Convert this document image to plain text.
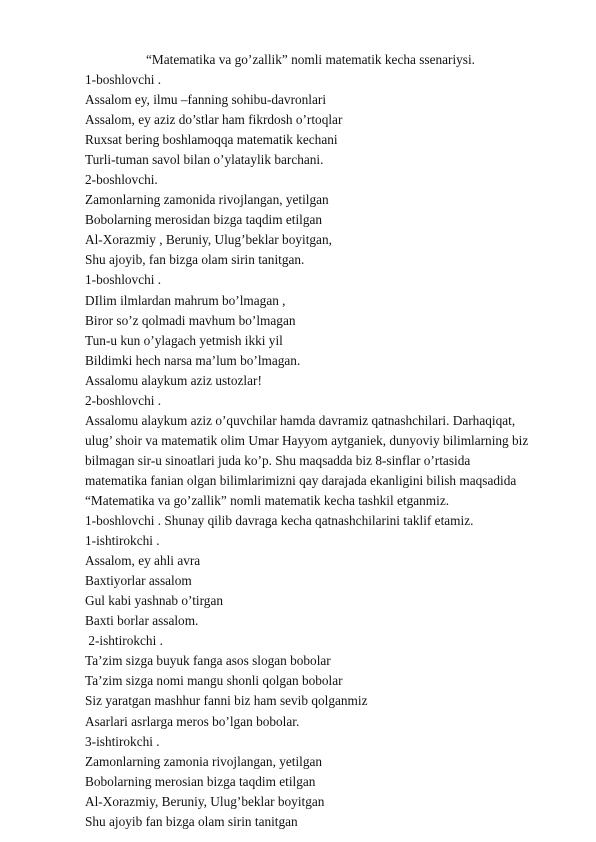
“Matematika va go’zallik” nomli matematik kecha ssenariysi.
1-boshlovchi .
Assalom ey, ilmu –fanning sohibu-davronlari
Assalom, ey aziz do’stlar ham fikrdosh o’rtoqlar
Ruxsat bering boshlamoqqa matematik kechani
Turli-tuman savol bilan o’ylataylik barchani.
2-boshlovchi.
Zamonlarning zamonida rivojlangan, yetilgan
Bobolarning merosidan bizga taqdim etilgan
Al-Xorazmiy , Beruniy, Ulug’beklar boyitgan,
Shu ajoyib, fan bizga olam sirin tanitgan.
1-boshlovchi .
DIlim ilmlardan mahrum bo’lmagan ,
Biror so’z qolmadi mavhum bo’lmagan
Tun-u kun o’ylagach yetmish ikki yil
Bildimki hech narsa ma’lum bo’lmagan.
Assalomu alaykum aziz ustozlar!
2-boshlovchi .
Assalomu alaykum aziz o’quvchilar hamda davramiz qatnashchilari. Darhaqiqat, ulug’ shoir va matematik olim Umar Hayyom aytganiek, dunyoviy bilimlarning biz bilmagan sir-u sinoatlari juda ko’p. Shu maqsadda biz 8-sinflar o’rtasida matematika fanian olgan bilimlarimizni qay darajada ekanligini bilish maqsadida “Matematika va go’zallik” nomli matematik kecha tashkil etganmiz.
1-boshlovchi . Shunay qilib davraga kecha qatnashchilarini taklif etamiz.
1-ishtirokchi .
Assalom, ey ahli avra
Baxtiyorlar assalom
Gul kabi yashnab o’tirgan
Baxti borlar assalom.
2-ishtirokchi .
Ta’zim sizga buyuk fanga asos slogan bobolar
Ta’zim sizga nomi mangu shonli qolgan bobolar
Siz yaratgan mashhur fanni biz ham sevib qolganmiz
Asarlari asrlarga meros bo’lgan bobolar.
3-ishtirokchi .
Zamonlarning zamonia rivojlangan, yetilgan
Bobolarning merosian bizga taqdim etilgan
Al-Xorazmiy, Beruniy, Ulug’beklar boyitgan
Shu ajoyib fan bizga olam sirin tanitgan
